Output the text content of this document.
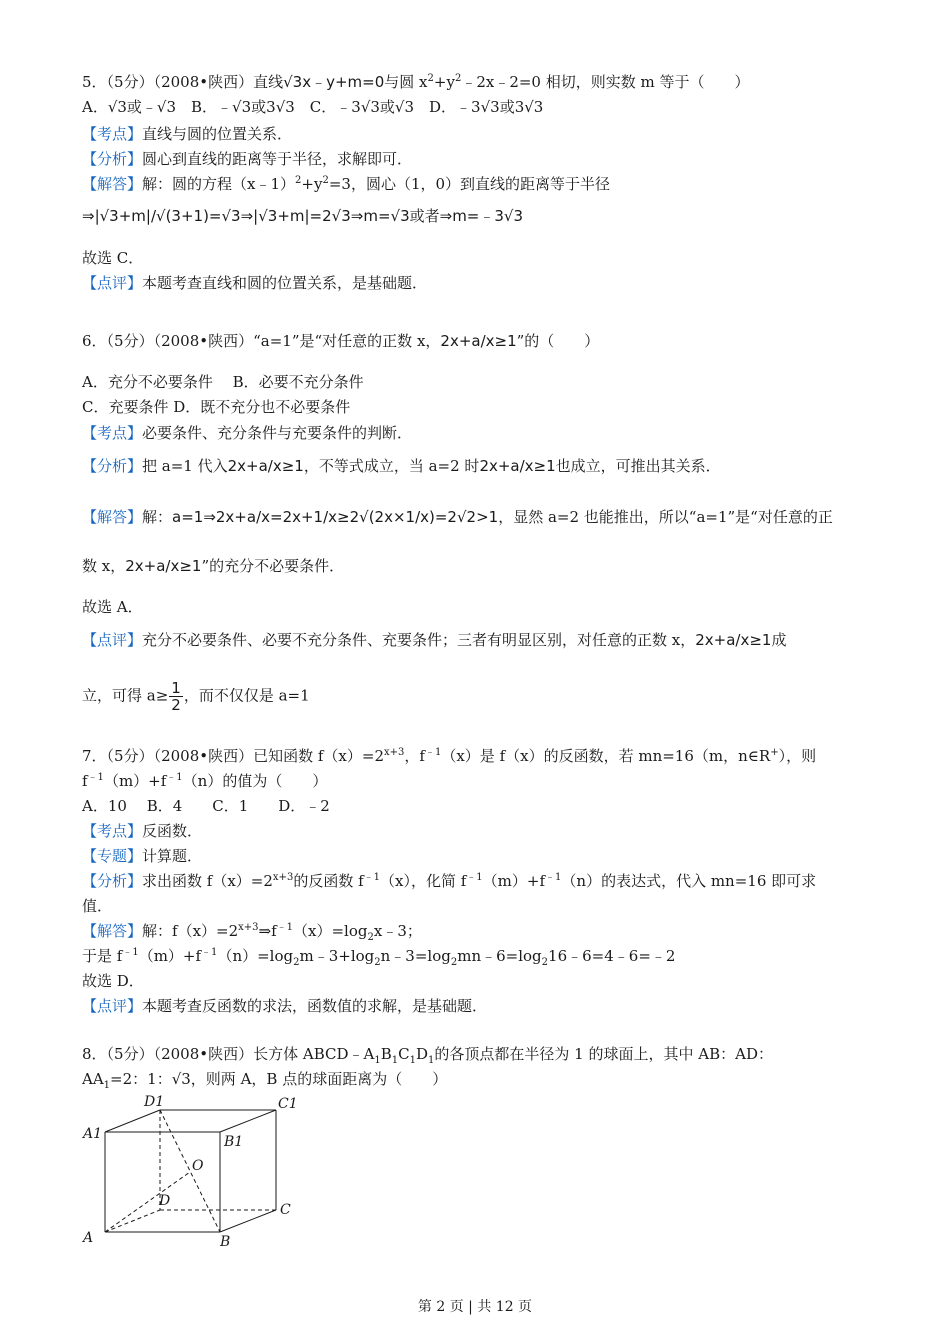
5．（5分）（2008•陕西）直线√3x﹣y+m=0与圆 $x^2+y^2﹣2x﹣2=0$ 相切，则实数 m 等于（　　）
A．√3或﹣√3　B．﹣√3或3√3　C．﹣3√3或√3　D．﹣3√3或3√3
【考点】直线与圆的位置关系．
【分析】圆心到直线的距离等于半径，求解即可．
【解答】解：圆的方程$(x﹣1)^2+y^2=3$，圆心（1，0）到直线的距离等于半径
⇒|√3+m|/√(3+1)=√3⇒|√3+m|=2√3⇒m=√3或者⇒m=﹣3√3
故选 C．
【点评】本题考查直线和圆的位置关系，是基础题．
6．（5分）（2008•陕西）“a=1”是“对任意的正数 x，2x+a/x≥1”的（　　）
A．充分不必要条件　 B．必要不充分条件
C．充要条件 D．既不充分也不必要条件
【考点】必要条件、充分条件与充要条件的判断．
【分析】把 a=1 代入2x+a/x≥1，不等式成立，当 a=2 时2x+a/x≥1也成立，可推出其关系．
【解答】解：a=1⇒2x+a/x=2x+1/x≥2√(2x×1/x)=2√2>1，显然 a=2 也能推出，所以“a=1”是“对任意的正
数 x，2x+a/x≥1”的充分不必要条件．
故选 A．
【点评】充分不必要条件、必要不充分条件、充要条件；三者有明显区别，对任意的正数 x，2x+a/x≥1成
立，可得 $a\ge \frac{1}{2}$ ，而不仅仅是 a=1
7．（5分）（2008•陕西）已知函数 $f(x)=2^{x+3}$，$f^{﹣1}(x)$是 f（x）的反函数，若 mn=16（m，n∈R+），则
$f^{﹣1}(m)+f^{﹣1}(n)$的值为（　　）
A．10　 B．4　　C．1　　D．﹣2
【考点】反函数．
【专题】计算题．
【分析】求出函数 $f(x)=2^{x+3}$的反函数 $f^{﹣1}(x)$，化简 $f^{﹣1}(m)+f^{﹣1}(n)$的表达式，代入 mn=16 即可求
值．
【解答】解：$f(x)=2^{x+3}\Rightarrow f^{﹣1}(x)=\log_2x﹣3$；
于是 $f^{﹣1}(m)+f^{﹣1}(n)=\log_2m﹣3+\log_2n﹣3=\log_2mn﹣6=\log_216﹣6=4﹣6=﹣2$
故选 D．
【点评】本题考查反函数的求法，函数值的求解，是基础题．
8．（5分）（2008•陕西）长方体 $ABCD﹣A_1B_1C_1D_1$的各顶点都在半径为 1 的球面上，其中 AB：AD：
$AA_1=2$：1：√3，则两 A，B 点的球面距离为（　　）
D1	C1
A1	B1
O
D
C
A	B
第 2 页 | 共 12 页
